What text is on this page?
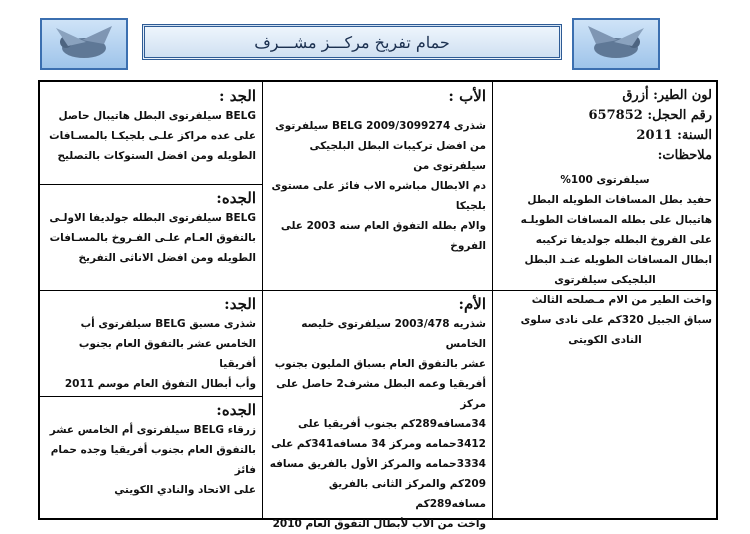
حمام تفريخ مركـــز مشـــرف
لون الطير: أزرق
رقم الحجل: 657852
السنة: 2011
ملاحظات:
سيلفرتوى 100%
حفيد بطل المسافات الطويله البطل
هاتيبال على بطله المسافات الطويلـه
على الفروخ البطله جولديفا تركيبه
ابطال المسافات الطويله عنـد البطل
البلجيكى سيلفرتوى
واخت الطير من الام مـصلحه الثالث
سباق الجبيل 320كم على نادى سلوى
النادى الكويتى
الأب :
شذرى BELG 2009/3099274 سيلفرتوى
من افضل تركيبات البطل البلجيكى سيلفرتوى من
دم الابطال مباشره الاب فائز على مستوى بلجيكا
والام بطله التفوق العام سنه 2003 على الفروخ
الأم:
شذريه 2003/478 سيلفرتوى خليصه الخامس
عشر بالتفوق العام بسباق المليون بجنوب
أفريقيا وعمه البطل مشرف2 حاصل على مركز
34مسافه289كم بجنوب أفريقيا على
3412حمامه ومركز 34 مسافه341كم على
3334حمامه والمركز الأول بالفريق مسافه
209كم والمركز الثانى بالفريق مسافه289كم
واخت من الاب لأبطال التفوق العام 2010
الجد :
BELG سيلفرتوى البطل هاتيبال حاصل
على عده مراكز علـى بلجيكـا بالمسـافات
الطويله ومن افضل الستوكات بالتصليح
الجده:
BELG سيلفرتوى البطله جولديفا الاولـى
بالتفوق العـام علـى الفـروخ بالمسـافات
الطويله ومن افضل الاناثى التفريخ
الجد:
شذرى مسبق BELG سيلفرتوى أب
الخامس عشر بالتفوق العام بجنوب أفريقيا
وأب أبطال التفوق العام موسم 2011
الجده:
زرقاء BELG سيلفرتوى أم الخامس عشر
بالتفوق العام بجنوب أفريقيا وجده حمام فائز
على الاتحاد والنادي الكويتي
